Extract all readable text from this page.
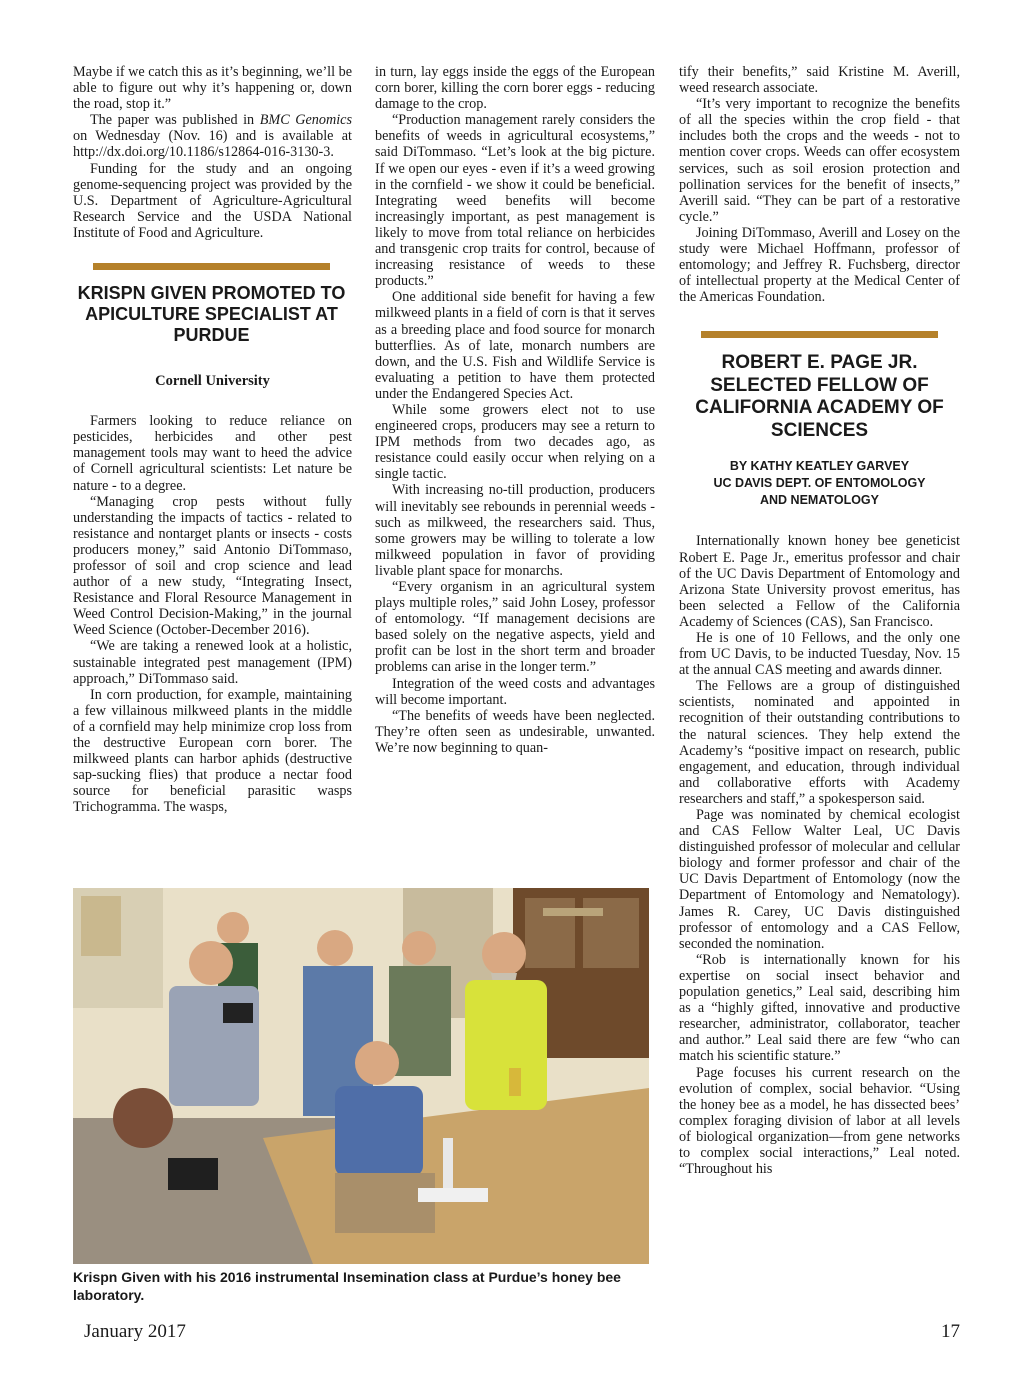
Maybe if we catch this as it’s beginning, we’ll be able to figure out why it’s happening or, down the road, stop it.”

The paper was published in BMC Genomics on Wednesday (Nov. 16) and is available at http://dx.doi.org/10.1186/s12864-016-3130-3.

Funding for the study and an ongoing genome-sequencing project was provided by the U.S. Department of Agriculture-Agricultural Research Service and the USDA National Institute of Food and Agriculture.

KRISPN GIVEN PROMOTED TO APICULTURE SPECIALIST AT PURDUE
Cornell University

Farmers looking to reduce reliance on pesticides, herbicides and other pest management tools may want to heed the advice of Cornell agricultural scientists: Let nature be nature - to a degree.

“Managing crop pests without fully understanding the impacts of tactics - related to resistance and nontarget plants or insects - costs producers money,” said Antonio DiTommaso, professor of soil and crop science and lead author of a new study, “Integrating Insect, Resistance and Floral Resource Management in Weed Control Decision-Making,” in the journal Weed Science (October-December 2016).

“We are taking a renewed look at a holistic, sustainable integrated pest management (IPM) approach,” DiTommaso said.

In corn production, for example, maintaining a few villainous milkweed plants in the middle of a cornfield may help minimize crop loss from the destructive European corn borer. The milkweed plants can harbor aphids (destructive sap-sucking flies) that produce a nectar food source for beneficial parasitic wasps Trichogramma. The wasps,

in turn, lay eggs inside the eggs of the European corn borer, killing the corn borer eggs - reducing damage to the crop.

“Production management rarely considers the benefits of weeds in agricultural ecosystems,” said DiTommaso. “Let’s look at the big picture. If we open our eyes - even if it’s a weed growing in the cornfield - we show it could be beneficial. Integrating weed benefits will become increasingly important, as pest management is likely to move from total reliance on herbicides and transgenic crop traits for control, because of increasing resistance of weeds to these products.”

One additional side benefit for having a few milkweed plants in a field of corn is that it serves as a breeding place and food source for monarch butterflies. As of late, monarch numbers are down, and the U.S. Fish and Wildlife Service is evaluating a petition to have them protected under the Endangered Species Act.

While some growers elect not to use engineered crops, producers may see a return to IPM methods from two decades ago, as resistance could easily occur when relying on a single tactic.

With increasing no-till production, producers will inevitably see rebounds in perennial weeds - such as milkweed, the researchers said. Thus, some growers may be willing to tolerate a low milkweed population in favor of providing livable plant space for monarchs.

“Every organism in an agricultural system plays multiple roles,” said John Losey, professor of entomology. “If management decisions are based solely on the negative aspects, yield and profit can be lost in the short term and broader problems can arise in the longer term.”

Integration of the weed costs and advantages will become important.

“The benefits of weeds have been neglected. They’re often seen as undesirable, unwanted. We’re now beginning to quan-

tify their benefits,” said Kristine M. Averill, weed research associate.

“It’s very important to recognize the benefits of all the species within the crop field - that includes both the crops and the weeds - not to mention cover crops. Weeds can offer ecosystem services, such as soil erosion protection and pollination services for the benefit of insects,” Averill said. “They can be part of a restorative cycle.”

Joining DiTommaso, Averill and Losey on the study were Michael Hoffmann, professor of entomology; and Jeffrey R. Fuchsberg, director of intellectual property at the Medical Center of the Americas Foundation.

ROBERT E. PAGE JR. SELECTED FELLOW OF CALIFORNIA ACADEMY OF SCIENCES
BY KATHY KEATLEY GARVEY
UC DAVIS DEPT. OF ENTOMOLOGY
AND NEMATOLOGY

Internationally known honey bee geneticist Robert E. Page Jr., emeritus professor and chair of the UC Davis Department of Entomology and Arizona State University provost emeritus, has been selected a Fellow of the California Academy of Sciences (CAS), San Francisco.

He is one of 10 Fellows, and the only one from UC Davis, to be inducted Tuesday, Nov. 15 at the annual CAS meeting and awards dinner.

The Fellows are a group of distinguished scientists, nominated and appointed in recognition of their outstanding contributions to the natural sciences. They help extend the Academy’s “positive impact on research, public engagement, and education, through individual and collaborative efforts with Academy researchers and staff,” a spokesperson said.

Page was nominated by chemical ecologist and CAS Fellow Walter Leal, UC Davis distinguished professor of molecular and cellular biology and former professor and chair of the UC Davis Department of Entomology (now the Department of Entomology and Nematology). James R. Carey, UC Davis distinguished professor of entomology and a CAS Fellow, seconded the nomination.

“Rob is internationally known for his expertise on social insect behavior and population genetics,” Leal said, describing him as a “highly gifted, innovative and productive researcher, administrator, collaborator, teacher and author.” Leal said there are few “who can match his scientific stature.”

Page focuses his current research on the evolution of complex, social behavior. “Using the honey bee as a model, he has dissected bees’ complex foraging division of labor at all levels of biological organization—from gene networks to complex social interactions,” Leal noted. “Throughout his

Krispn Given with his 2016 instrumental Insemination class at Purdue’s honey bee laboratory.
January 2017	17
